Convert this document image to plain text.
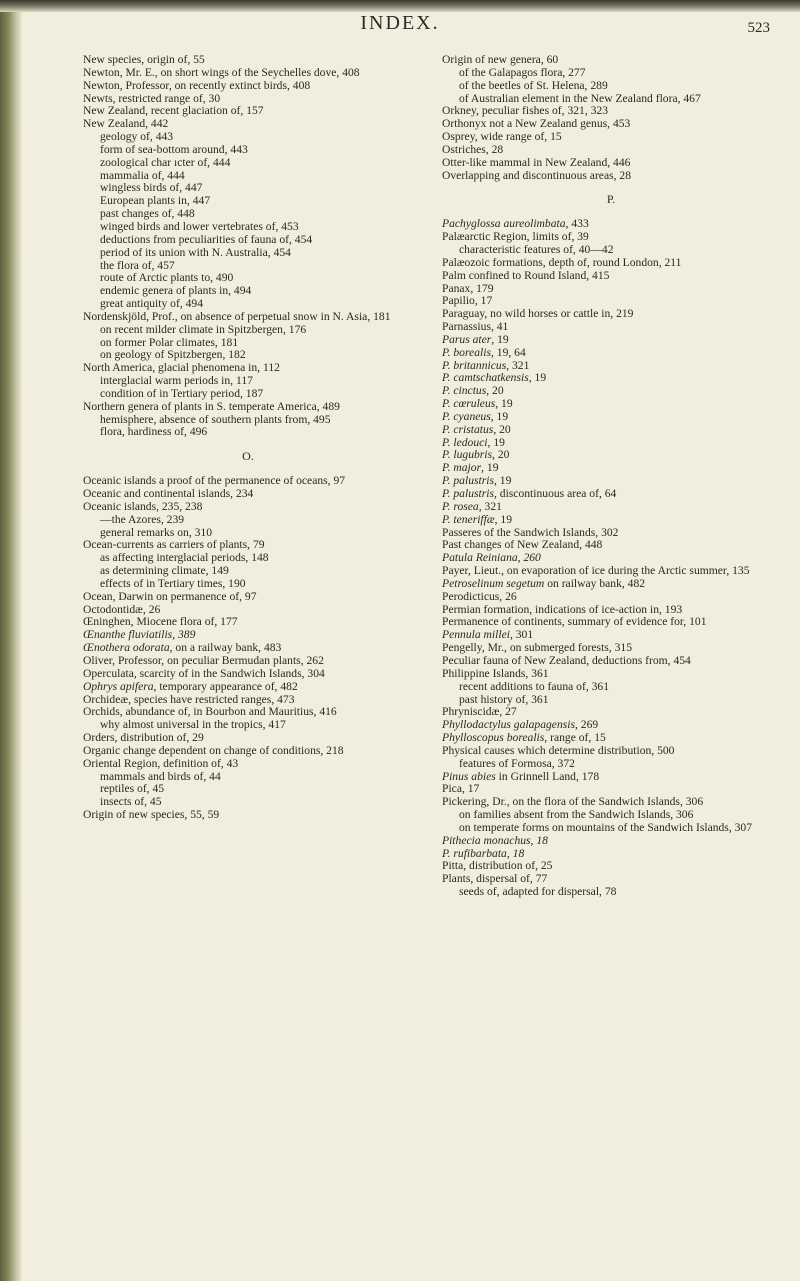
INDEX.	523
New species, origin of, 55
Newton, Mr. E., on short wings of the Seychelles dove, 408
Newton, Professor, on recently extinct birds, 408
Newts, restricted range of, 30
New Zealand, recent glaciation of, 157
New Zealand, 442
geology of, 443
form of sea-bottom around, 443
zoological char ıcter of, 444
mammalia of, 444
wingless birds of, 447
European plants in, 447
past changes of, 448
winged birds and lower vertebrates of, 453
deductions from peculiarities of fauna of, 454
period of its union with N. Australia, 454
the flora of, 457
route of Arctic plants to, 490
endemic genera of plants in, 494
great antiquity of, 494
Nordenskjöld, Prof., on absence of perpetual snow in N. Asia, 181
on recent milder climate in Spitzbergen, 176
on former Polar climates, 181
on geology of Spitzbergen, 182
North America, glacial phenomena in, 112
interglacial warm periods in, 117
condition of in Tertiary period, 187
Northern genera of plants in S. temperate America, 489
hemisphere, absence of southern plants from, 495
flora, hardiness of, 496
O.
Oceanic islands a proof of the permanence of oceans, 97
Oceanic and continental islands, 234
Oceanic islands, 235, 238
—the Azores, 239
general remarks on, 310
Ocean-currents as carriers of plants, 79
as affecting interglacial periods, 148
as determining climate, 149
effects of in Tertiary times, 190
Ocean, Darwin on permanence of, 97
Octodontidæ, 26
Œninghen, Miocene flora of, 177
Œnanthe fluviatilis, 389
Œnothera odorata, on a railway bank, 483
Oliver, Professor, on peculiar Bermudan plants, 262
Operculata, scarcity of in the Sandwich Islands, 304
Ophrys apifera, temporary appearance of, 482
Orchideæ, species have restricted ranges, 473
Orchids, abundance of, in Bourbon and Mauritius, 416
why almost universal in the tropics, 417
Orders, distribution of, 29
Organic change dependent on change of conditions, 218
Oriental Region, definition of, 43
mammals and birds of, 44
reptiles of, 45
insects of, 45
Origin of new species, 55, 59
Origin of new genera, 60
of the Galapagos flora, 277
of the beetles of St. Helena, 289
of Australian element in the New Zealand flora, 467
Orkney, peculiar fishes of, 321, 323
Orthonyx not a New Zealand genus, 453
Osprey, wide range of, 15
Ostriches, 28
Otter-like mammal in New Zealand, 446
Overlapping and discontinuous areas, 28
P.
Pachyglossa aureolimbata, 433
Palæarctic Region, limits of, 39
characteristic features of, 40—42
Palæozoic formations, depth of, round London, 211
Palm confined to Round Island, 415
Panax, 179
Papilio, 17
Paraguay, no wild horses or cattle in, 219
Parnassius, 41
Parus ater, 19
P. borealis, 19, 64
P. britannicus, 321
P. camtschatkensis, 19
P. cinctus, 20
P. cœruleus, 19
P. cyaneus, 19
P. cristatus, 20
P. ledouci, 19
P. lugubris, 20
P. major, 19
P. palustris, 19
P. palustris, discontinuous area of, 64
P. rosea, 321
P. teneriffæ, 19
Passeres of the Sandwich Islands, 302
Past changes of New Zealand, 448
Patula Reiniana, 260
Payer, Lieut., on evaporation of ice during the Arctic summer, 135
Petroselinum segetum on railway bank, 482
Perodicticus, 26
Permian formation, indications of ice-action in, 193
Permanence of continents, summary of evidence for, 101
Pennula millei, 301
Pengelly, Mr., on submerged forests, 315
Peculiar fauna of New Zealand, deductions from, 454
Philippine Islands, 361
recent additions to fauna of, 361
past history of, 361
Phryniscidæ, 27
Phyllodactylus galapagensis, 269
Phylloscopus borealis, range of, 15
Physical causes which determine distribution, 500
features of Formosa, 372
Pinus abies in Grinnell Land, 178
Pica, 17
Pickering, Dr., on the flora of the Sandwich Islands, 306
on families absent from the Sandwich Islands, 306
on temperate forms on mountains of the Sandwich Islands, 307
Pithecia monachus, 18
P. rufibarbata, 18
Pitta, distribution of, 25
Plants, dispersal of, 77
seeds of, adapted for dispersal, 78
